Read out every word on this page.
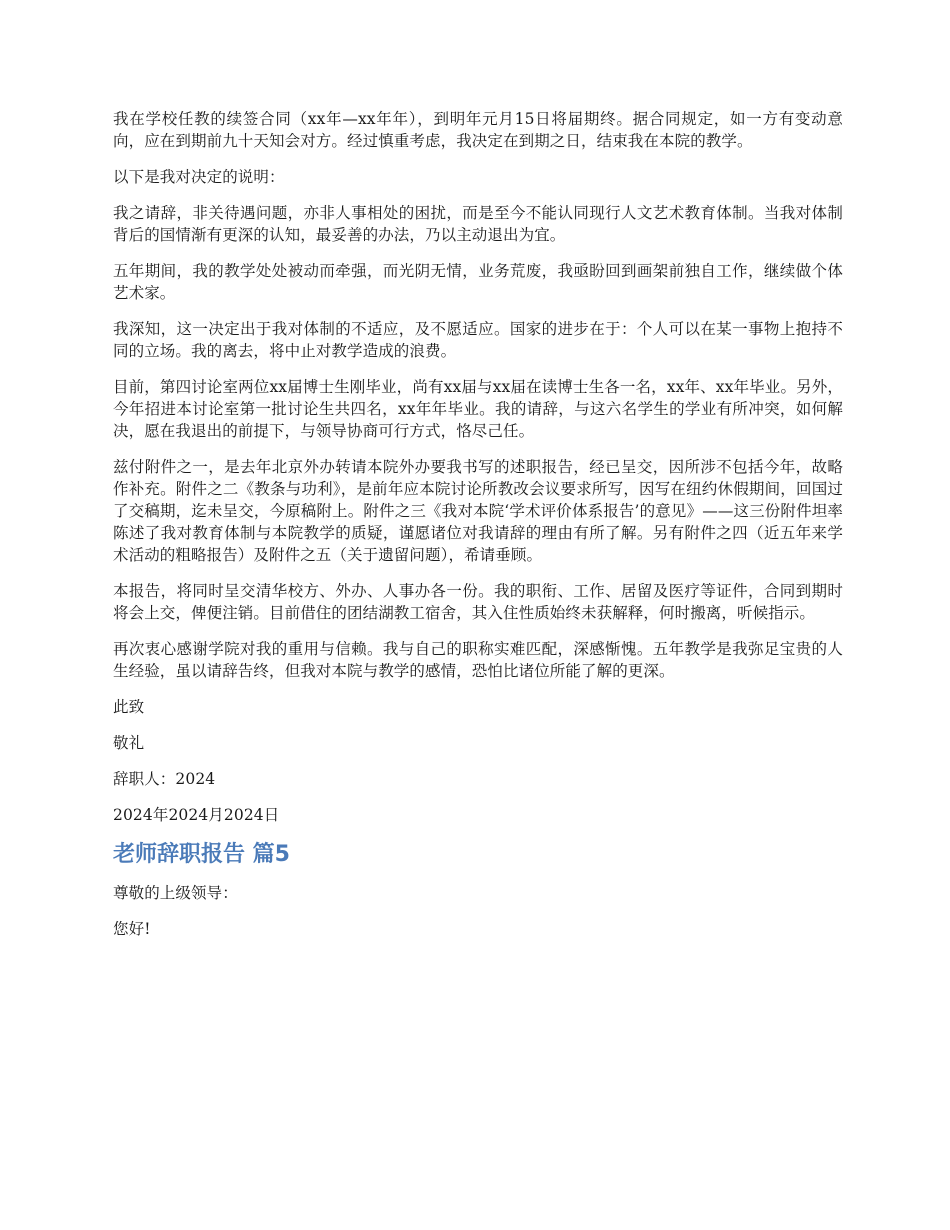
我在学校任教的续签合同（xx年—xx年年），到明年元月15日将届期终。据合同规定，如一方有变动意向，应在到期前九十天知会对方。经过慎重考虑，我决定在到期之日，结束我在本院的教学。

以下是我对决定的说明：

我之请辞，非关待遇问题，亦非人事相处的困扰，而是至今不能认同现行人文艺术教育体制。当我对体制背后的国情渐有更深的认知，最妥善的办法，乃以主动退出为宜。

五年期间，我的教学处处被动而牵强，而光阴无情，业务荒废，我亟盼回到画架前独自工作，继续做个体艺术家。

我深知，这一决定出于我对体制的不适应，及不愿适应。国家的进步在于：个人可以在某一事物上抱持不同的立场。我的离去，将中止对教学造成的浪费。

目前，第四讨论室两位xx届博士生刚毕业，尚有xx届与xx届在读博士生各一名，xx年、xx年毕业。另外，今年招进本讨论室第一批讨论生共四名，xx年年毕业。我的请辞，与这六名学生的学业有所冲突，如何解决，愿在我退出的前提下，与领导协商可行方式，恪尽己任。

兹付附件之一，是去年北京外办转请本院外办要我书写的述职报告，经已呈交，因所涉不包括今年，故略作补充。附件之二《教条与功利》，是前年应本院讨论所教改会议要求所写，因写在纽约休假期间，回国过了交稿期，迄未呈交，今原稿附上。附件之三《我对本院‘学术评价体系报告’的意见》——这三份附件坦率陈述了我对教育体制与本院教学的质疑，谨愿诸位对我请辞的理由有所了解。另有附件之四（近五年来学术活动的粗略报告）及附件之五（关于遗留问题），希请垂顾。

本报告，将同时呈交清华校方、外办、人事办各一份。我的职衔、工作、居留及医疗等证件，合同到期时将会上交，俾便注销。目前借住的团结湖教工宿舍，其入住性质始终未获解释，何时搬离，听候指示。

再次衷心感谢学院对我的重用与信赖。我与自己的职称实难匹配，深感惭愧。五年教学是我弥足宝贵的人生经验，虽以请辞告终，但我对本院与教学的感情，恐怕比诸位所能了解的更深。

此致

敬礼

辞职人：2024

2024年2024月2024日

老师辞职报告 篇5

尊敬的上级领导：

您好!
